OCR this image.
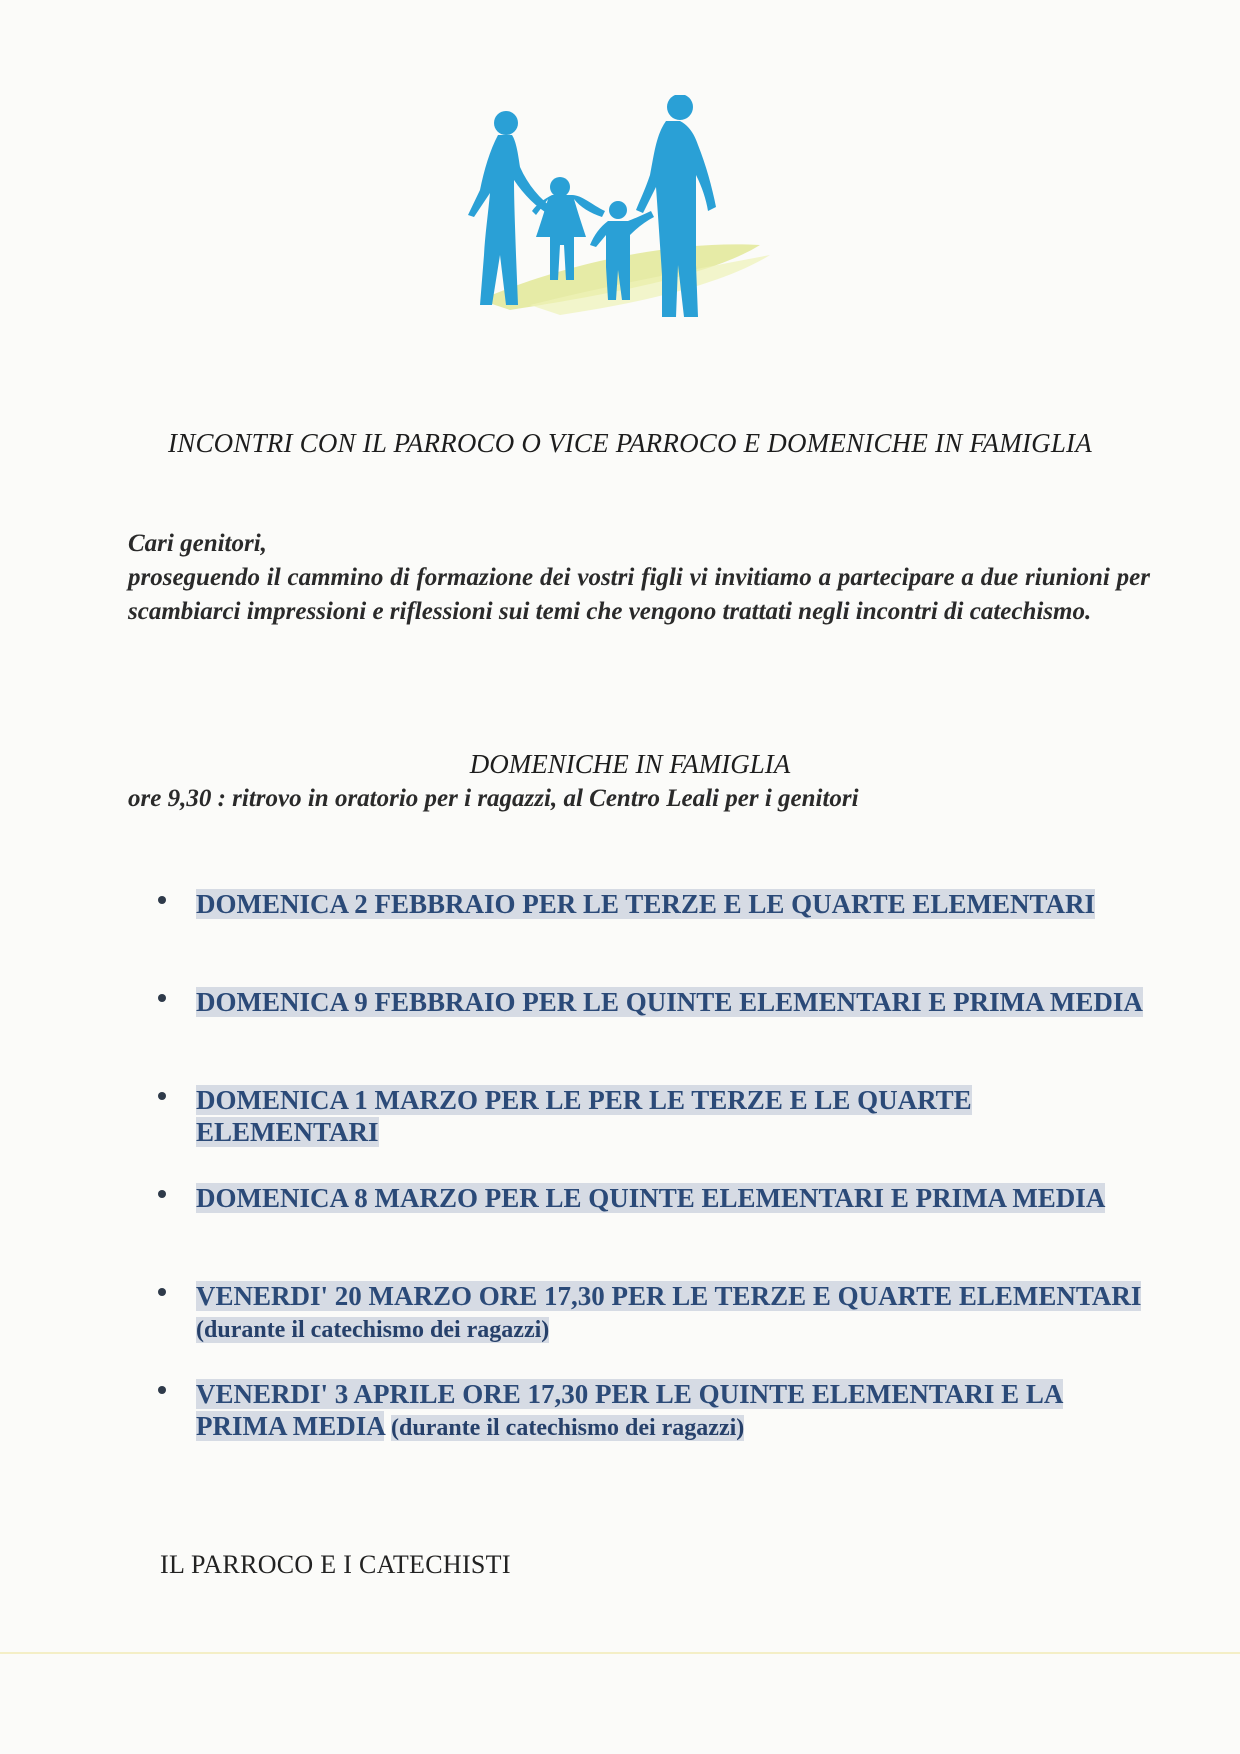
INCONTRI CON IL PARROCO O VICE PARROCO E DOMENICHE IN FAMIGLIA
Cari genitori,
proseguendo il cammino di formazione dei vostri figli vi invitiamo a partecipare a due riunioni per scambiarci impressioni e riflessioni sui temi che vengono trattati negli incontri di catechismo.
DOMENICHE IN FAMIGLIA
ore 9,30 : ritrovo in oratorio per i ragazzi, al Centro Leali per i genitori
DOMENICA 2 FEBBRAIO PER LE TERZE E LE QUARTE ELEMENTARI
DOMENICA 9 FEBBRAIO PER LE QUINTE ELEMENTARI E PRIMA MEDIA
DOMENICA 1 MARZO PER LE PER LE TERZE E LE QUARTE ELEMENTARI
DOMENICA 8 MARZO PER LE QUINTE ELEMENTARI E PRIMA MEDIA
VENERDI' 20 MARZO ORE 17,30 PER LE TERZE E QUARTE ELEMENTARI (durante il catechismo dei ragazzi)
VENERDI' 3 APRILE ORE 17,30 PER LE QUINTE ELEMENTARI E LA PRIMA MEDIA (durante il catechismo dei ragazzi)
IL PARROCO E I CATECHISTI
